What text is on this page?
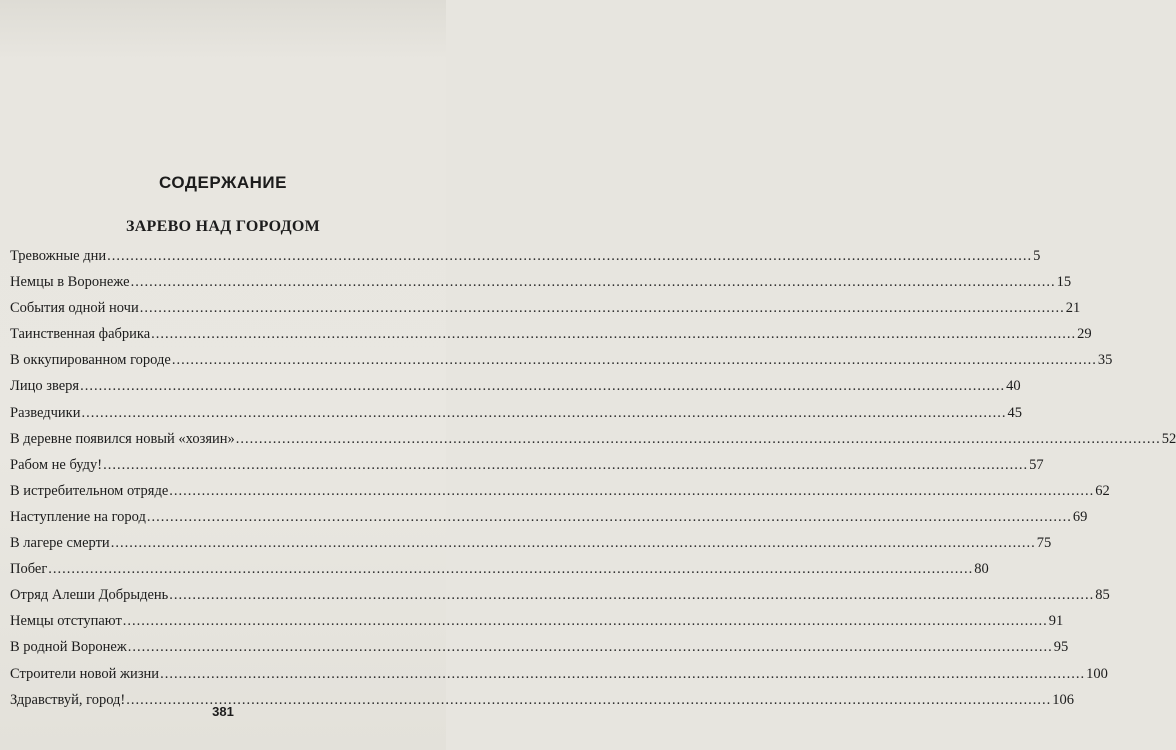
СОДЕРЖАНИЕ
ЗАРЕВО НАД ГОРОДОМ
Тревожные дни ........................................................................................................................................................................................................ 5
Немцы в Воронеже ........................................................................................................................................................................................................ 15
События одной ночи ........................................................................................................................................................................................................ 21
Таинственная фабрика ........................................................................................................................................................................................................ 29
В оккупированном городе ........................................................................................................................................................................................................ 35
Лицо зверя ........................................................................................................................................................................................................ 40
Разведчики ........................................................................................................................................................................................................ 45
В деревне появился новый «хозяин» ........................................................................................................................................................................................................ 52
Рабом не буду! ........................................................................................................................................................................................................ 57
В истребительном отряде ........................................................................................................................................................................................................ 62
Наступление на город ........................................................................................................................................................................................................ 69
В лагере смерти ........................................................................................................................................................................................................ 75
Побег ........................................................................................................................................................................................................ 80
Отряд Алеши Добрыдень ........................................................................................................................................................................................................ 85
Немцы отступают ........................................................................................................................................................................................................ 91
В родной Воронеж ........................................................................................................................................................................................................ 95
Строители новой жизни ........................................................................................................................................................................................................ 100
Здравствуй, город! ........................................................................................................................................................................................................ 106
381
